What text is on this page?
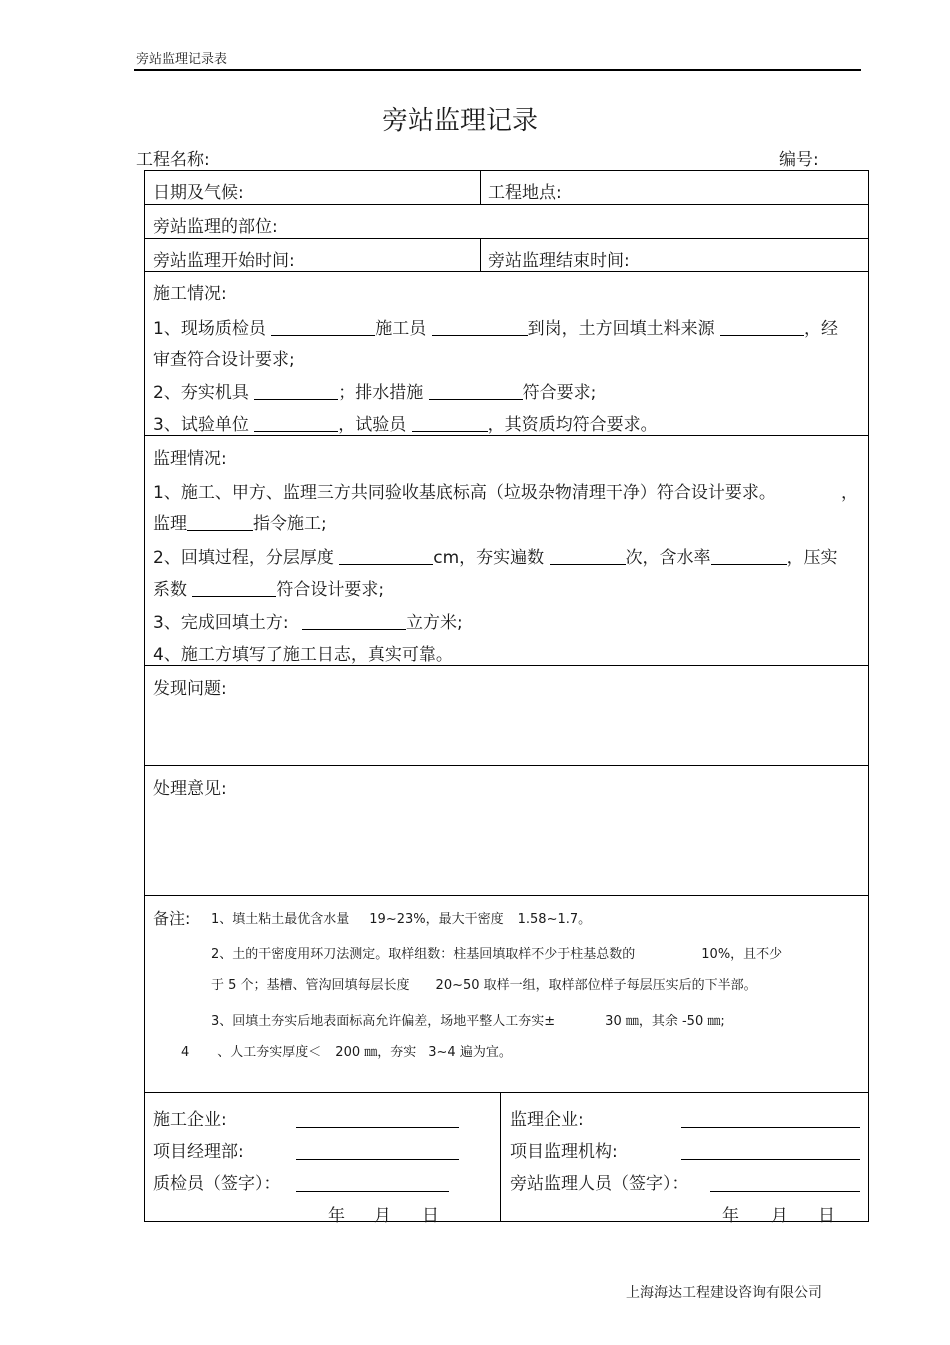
旁站监理记录表
旁站监理记录
工程名称:	编号:
日期及气候:	工程地点:
旁站监理的部位:
旁站监理开始时间:	旁站监理结束时间:
施工情况:
1、现场质检员	施工员	到岗，土方回填土料来源	，经
审查符合设计要求;
2、夯实机具	；排水措施	符合要求;
3、试验单位	，试验员	，其资质均符合要求。
监理情况:
1、施工、甲方、监理三方共同验收基底标高（垃圾杂物清理干净）符合设计要求。	，
监理	指令施工;
2、回填过程，分层厚度	cm，夯实遍数	次，含水率	，压实
系数	符合设计要求;
3、完成回填土方:	立方米;
4、施工方填写了施工日志，真实可靠。
发现问题:
处理意见:
备注: 1、填土粘土最优含水量 19~23%，最大干密度 1.58~1.7。
2、土的干密度用环刀法测定。取样组数：柱基回填取样不少于柱基总数的	10%，且不少
于 5 个；基槽、管沟回填每层长度 20~50 取样一组，取样部位样子每层压实后的下半部。
3、回填土夯实后地表面标高允许偏差，场地平整人工夯实±	30 ㎜，其余 -50 ㎜;
4 、人工夯实厚度＜ 200 ㎜，夯实 3~4 遍为宜。
施工企业:
项目经理部:
质检员（签字）：
年 月 日
监理企业:
项目监理机构:
旁站监理人员（签字）：
年 月 日
上海海达工程建设咨询有限公司
